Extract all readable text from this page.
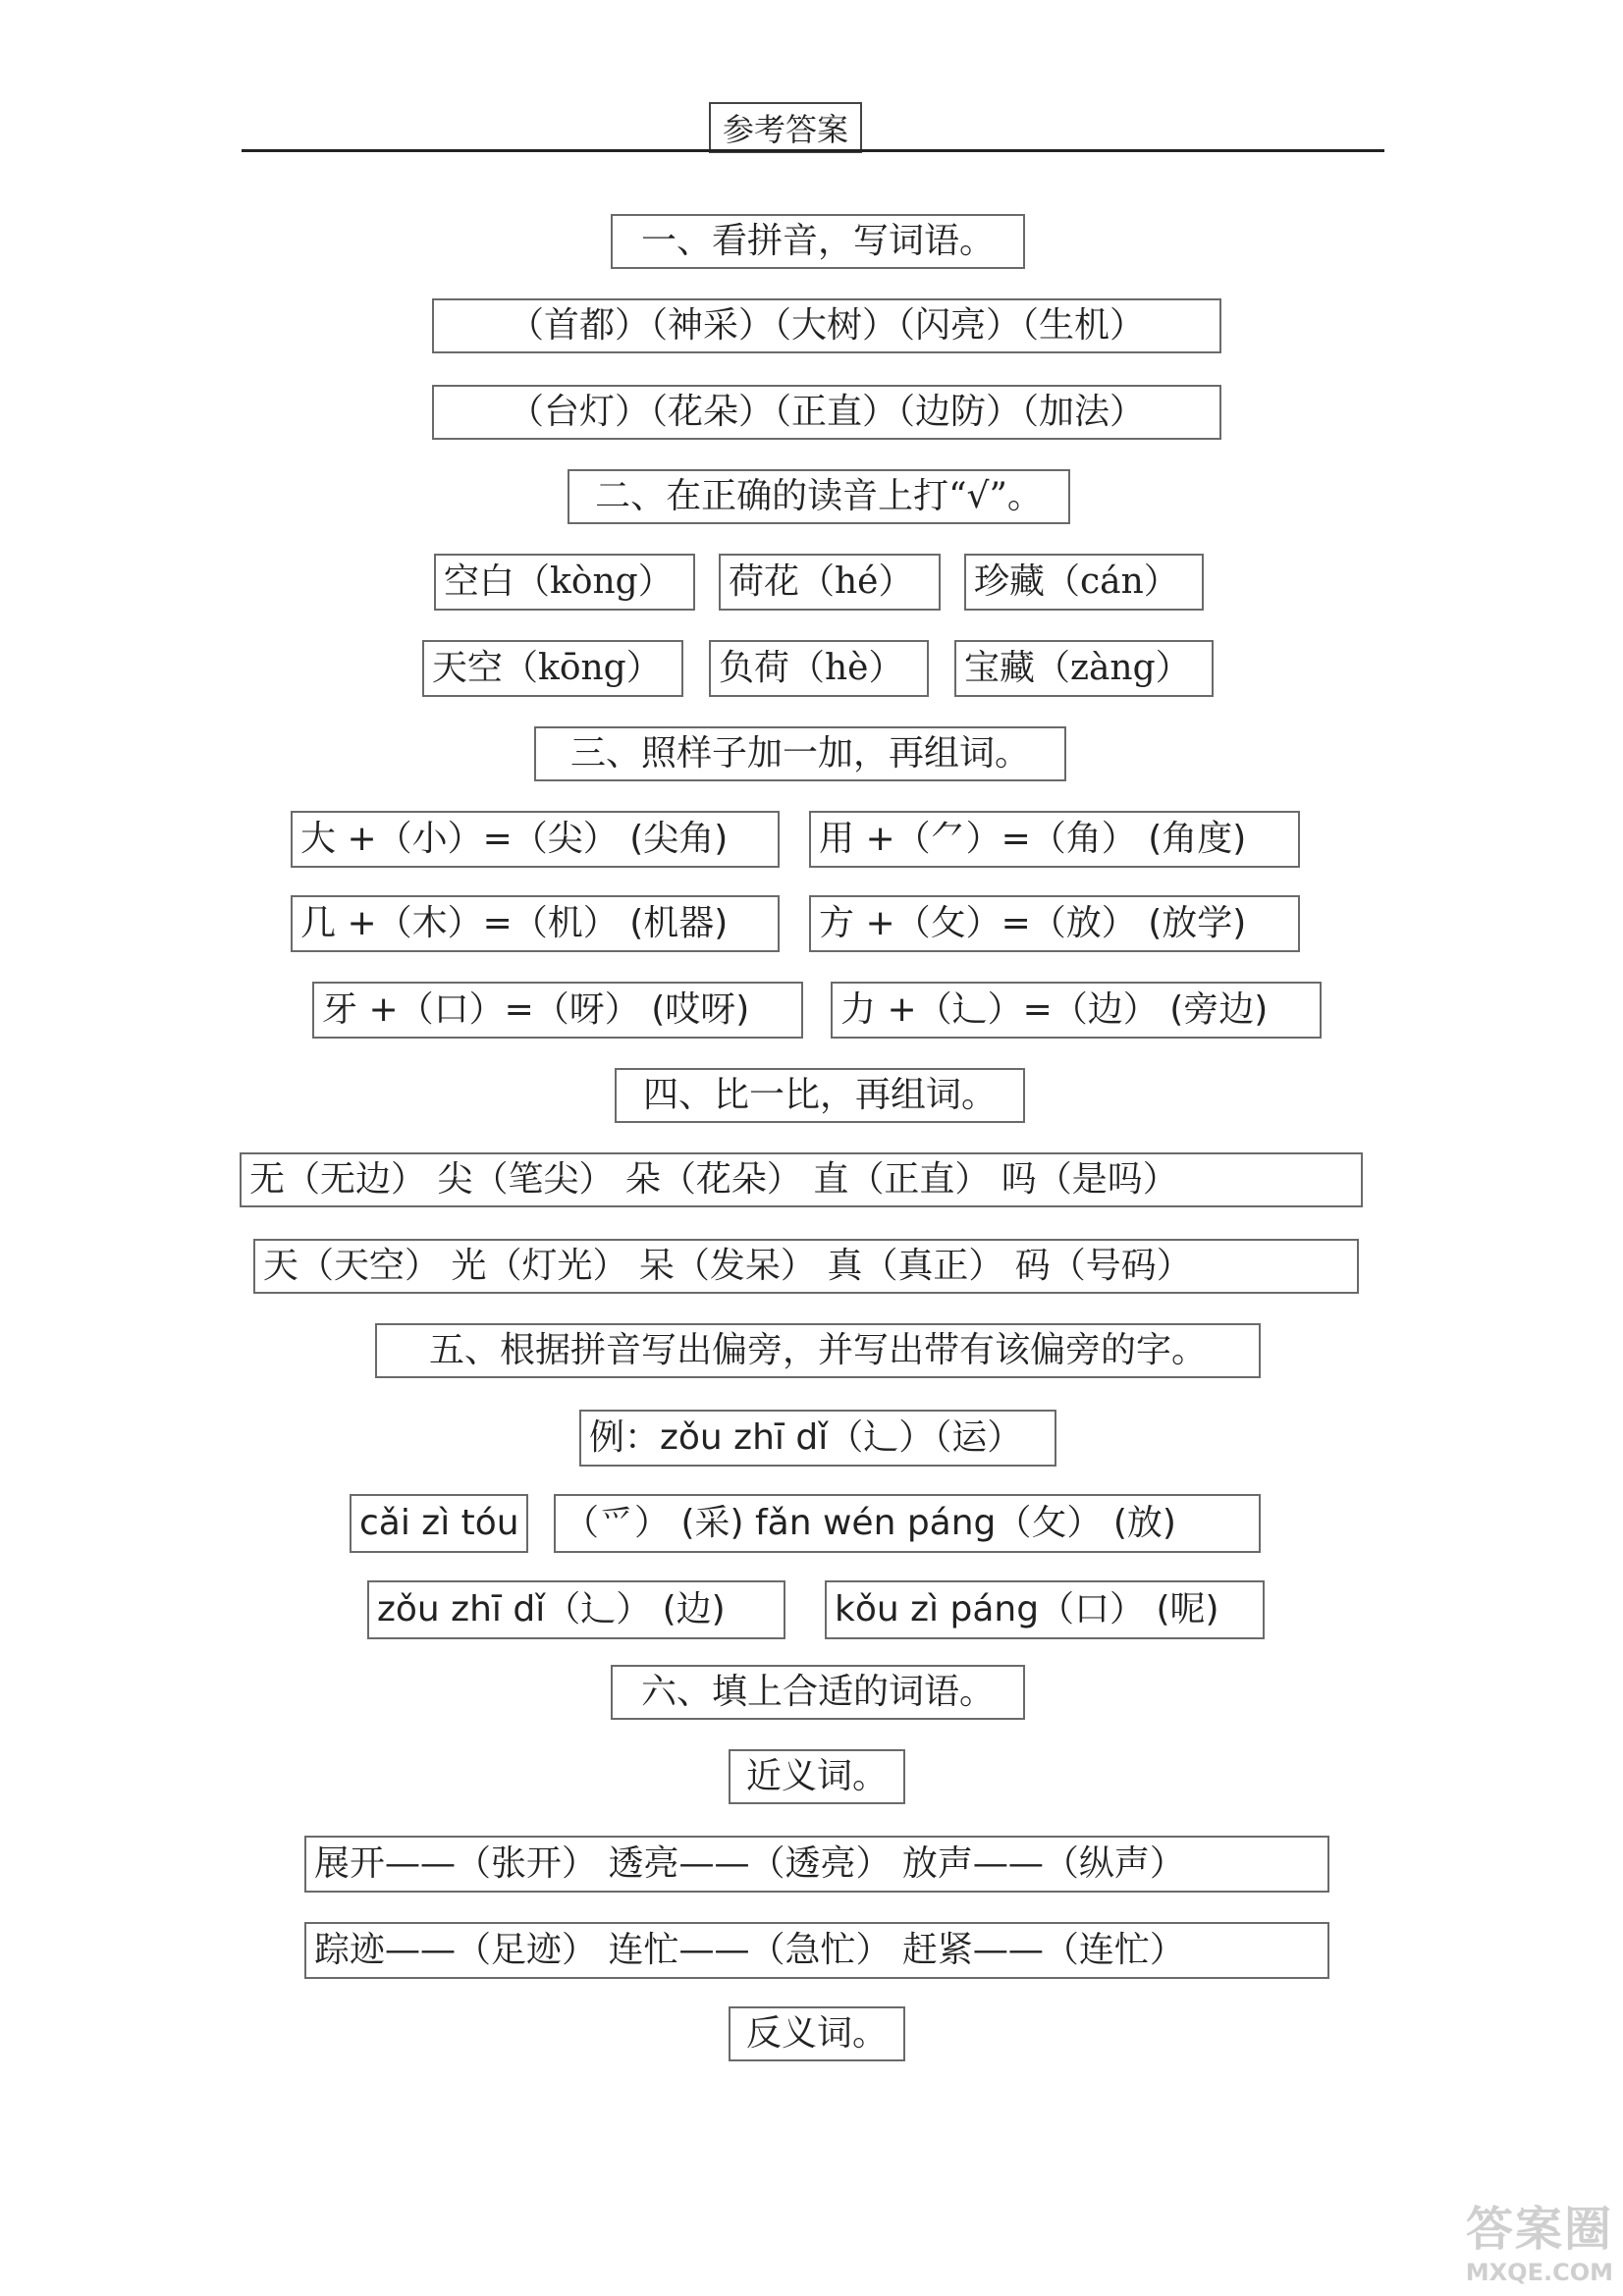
参考答案
一、看拼音，写词语。
（首都）（神采）（大树）（闪亮）（生机）
（台灯）（花朵）（正直）（边防）（加法）
二、在正确的读音上打“√”。
空白（kòng）	荷花（hé）	珍藏（cán）
天空（kōng）	负荷（hè）	宝藏（zàng）
三、照样子加一加，再组词。
大 +（小）=（尖） (尖角)	用 +（⺈）=（角） (角度)
几 +（木）=（机） (机器)	方 +（攵）=（放） (放学)
牙 +（口）=（呀） (哎呀)	力 +（辶）=（边） (旁边)
四、比一比，再组词。
无（无边） 尖（笔尖） 朵（花朵） 直（正直） 吗（是吗）
天（天空） 光（灯光） 呆（发呆） 真（真正） 码（号码）
五、根据拼音写出偏旁，并写出带有该偏旁的字。
例：zǒu zhī dǐ（辶）（运）
cǎi zì tóu （爫） (采) fǎn wén páng（攵） (放)
zǒu zhī dǐ（辶） (边)	kǒu zì páng（口） (呢)
六、填上合适的词语。
近义词。
展开——（张开） 透亮——（透亮） 放声——（纵声）
踪迹——（足迹） 连忙——（急忙） 赶紧——（连忙）
反义词。
答案圈
MXQE.COM
